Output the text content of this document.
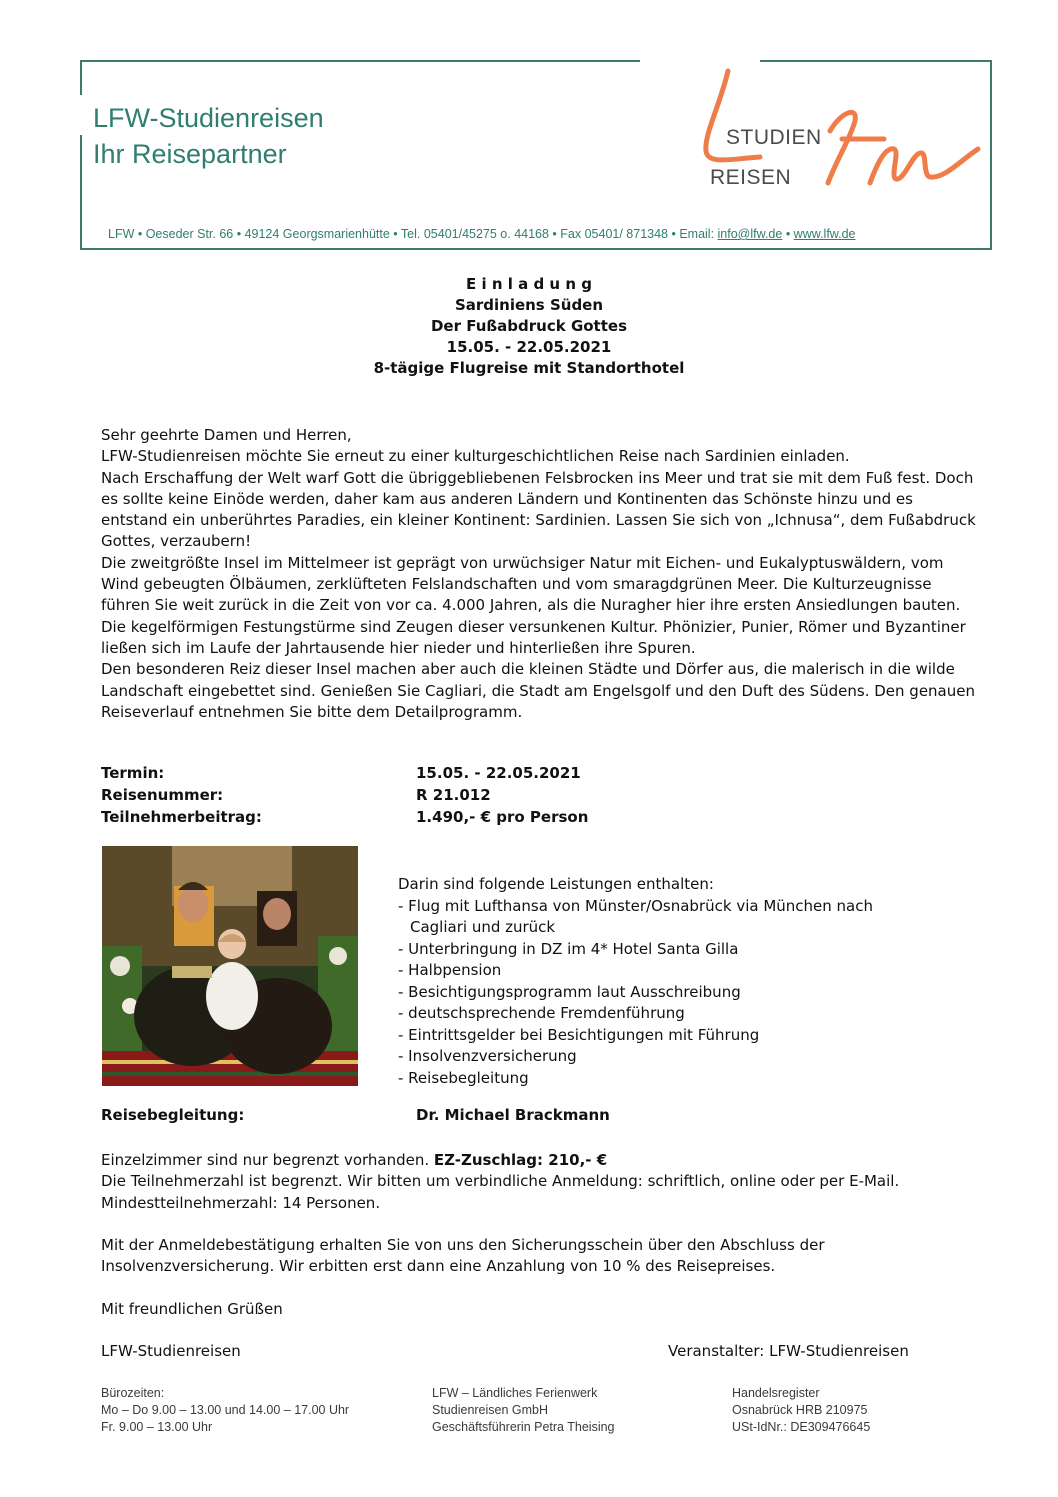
LFW-Studienreisen
Ihr Reisepartner
STUDIEN
REISEN
LFW • Oeseder Str. 66 • 49124 Georgsmarienhütte • Tel. 05401/45275 o. 44168 • Fax 05401/ 871348 • Email: info@lfw.de • www.lfw.de
E i n l a d u n g
Sardiniens Süden
Der Fußabdruck Gottes
15.05. - 22.05.2021
8-tägige Flugreise mit Standorthotel

Sehr geehrte Damen und Herren,

LFW-Studienreisen möchte Sie erneut zu einer kulturgeschichtlichen Reise nach Sardinien einladen.

Nach Erschaffung der Welt warf Gott die übriggebliebenen Felsbrocken ins Meer und trat sie mit dem Fuß fest. Doch es sollte keine Einöde werden, daher kam aus anderen Ländern und Kontinenten das Schönste hinzu und es entstand ein unberührtes Paradies, ein kleiner Kontinent: Sardinien. Lassen Sie sich von „Ichnusa“, dem Fußabdruck Gottes, verzaubern!

Die zweitgrößte Insel im Mittelmeer ist geprägt von urwüchsiger Natur mit Eichen- und Eukalyptuswäldern, vom Wind gebeugten Ölbäumen, zerklüfteten Felslandschaften und vom smaragdgrünen Meer. Die Kulturzeugnisse führen Sie weit zurück in die Zeit von vor ca. 4.000 Jahren, als die Nuragher hier ihre ersten Ansiedlungen bauten. Die kegelförmigen Festungstürme sind Zeugen dieser versunkenen Kultur. Phönizier, Punier, Römer und Byzantiner ließen sich im Laufe der Jahrtausende hier nieder und hinterließen ihre Spuren.

Den besonderen Reiz dieser Insel machen aber auch die kleinen Städte und Dörfer aus, die malerisch in die wilde Landschaft eingebettet sind. Genießen Sie Cagliari, die Stadt am Engelsgolf und den Duft des Südens. Den genauen Reiseverlauf entnehmen Sie bitte dem Detailprogramm.

Termin:	15.05. - 22.05.2021
Reisenummer:	R 21.012
Teilnehmerbeitrag:	1.490,- € pro Person

Darin sind folgende Leistungen enthalten:

- Flug mit Lufthansa von Münster/Osnabrück via München nach
Cagliari und zurück
- Unterbringung in DZ im 4* Hotel Santa Gilla
- Halbpension
- Besichtigungsprogramm laut Ausschreibung
- deutschsprechende Fremdenführung
- Eintrittsgelder bei Besichtigungen mit Führung
- Insolvenzversicherung
- Reisebegleitung
Reisebegleitung:	Dr. Michael Brackmann

Einzelzimmer sind nur begrenzt vorhanden. EZ-Zuschlag: 210,- €

Die Teilnehmerzahl ist begrenzt. Wir bitten um verbindliche Anmeldung: schriftlich, online oder per E-Mail.

Mindestteilnehmerzahl: 14 Personen.

Mit der Anmeldebestätigung erhalten Sie von uns den Sicherungsschein über den Abschluss der Insolvenzversicherung. Wir erbitten erst dann eine Anzahlung von 10 % des Reisepreises.
Mit freundlichen Grüßen
LFW-Studienreisen	Veranstalter: LFW-Studienreisen
Bürozeiten:
Mo – Do 9.00 – 13.00 und 14.00 – 17.00 Uhr
Fr. 9.00 – 13.00 Uhr
LFW – Ländliches Ferienwerk
Studienreisen GmbH
Geschäftsführerin Petra Theising
Handelsregister
Osnabrück HRB 210975
USt-IdNr.: DE309476645
